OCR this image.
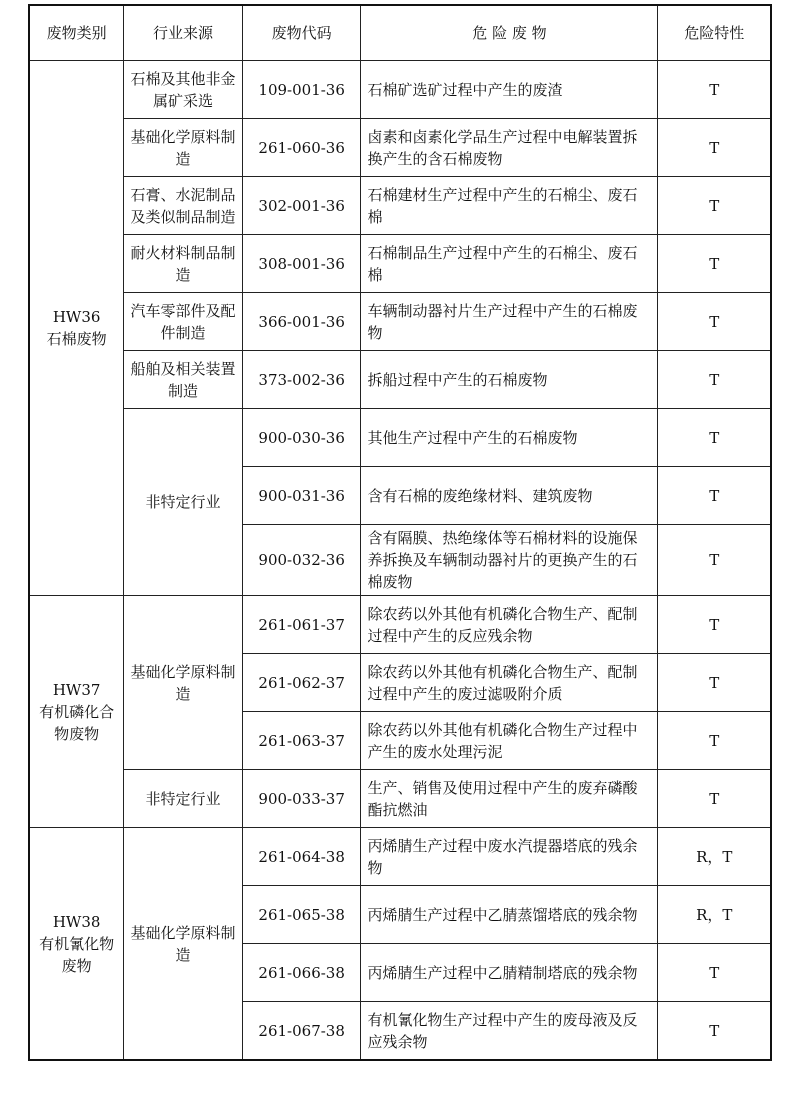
废物类别	行业来源	废物代码	危 险 废 物	危险特性

HW36
石棉废物	石棉及其他非金属矿采选	109-001-36	石棉矿选矿过程中产生的废渣	T
	基础化学原料制造	261-060-36	卤素和卤素化学品生产过程中电解装置拆换产生的含石棉废物	T
	石膏、水泥制品及类似制品制造	302-001-36	石棉建材生产过程中产生的石棉尘、废石棉	T
	耐火材料制品制造	308-001-36	石棉制品生产过程中产生的石棉尘、废石棉	T
	汽车零部件及配件制造	366-001-36	车辆制动器衬片生产过程中产生的石棉废物	T
	船舶及相关装置制造	373-002-36	拆船过程中产生的石棉废物	T
	非特定行业	900-030-36	其他生产过程中产生的石棉废物	T
		900-031-36	含有石棉的废绝缘材料、建筑废物	T
		900-032-36	含有隔膜、热绝缘体等石棉材料的设施保养拆换及车辆制动器衬片的更换产生的石棉废物	T

HW37
有机磷化合物废物	基础化学原料制造	261-061-37	除农药以外其他有机磷化合物生产、配制过程中产生的反应残余物	T
		261-062-37	除农药以外其他有机磷化合物生产、配制过程中产生的废过滤吸附介质	T
		261-063-37	除农药以外其他有机磷化合物生产过程中产生的废水处理污泥	T
	非特定行业	900-033-37	生产、销售及使用过程中产生的废弃磷酸酯抗燃油	T

HW38
有机氰化物废物	基础化学原料制造	261-064-38	丙烯腈生产过程中废水汽提器塔底的残余物	R，T
		261-065-38	丙烯腈生产过程中乙腈蒸馏塔底的残余物	R，T
		261-066-38	丙烯腈生产过程中乙腈精制塔底的残余物	T
		261-067-38	有机氰化物生产过程中产生的废母液及反应残余物	T
